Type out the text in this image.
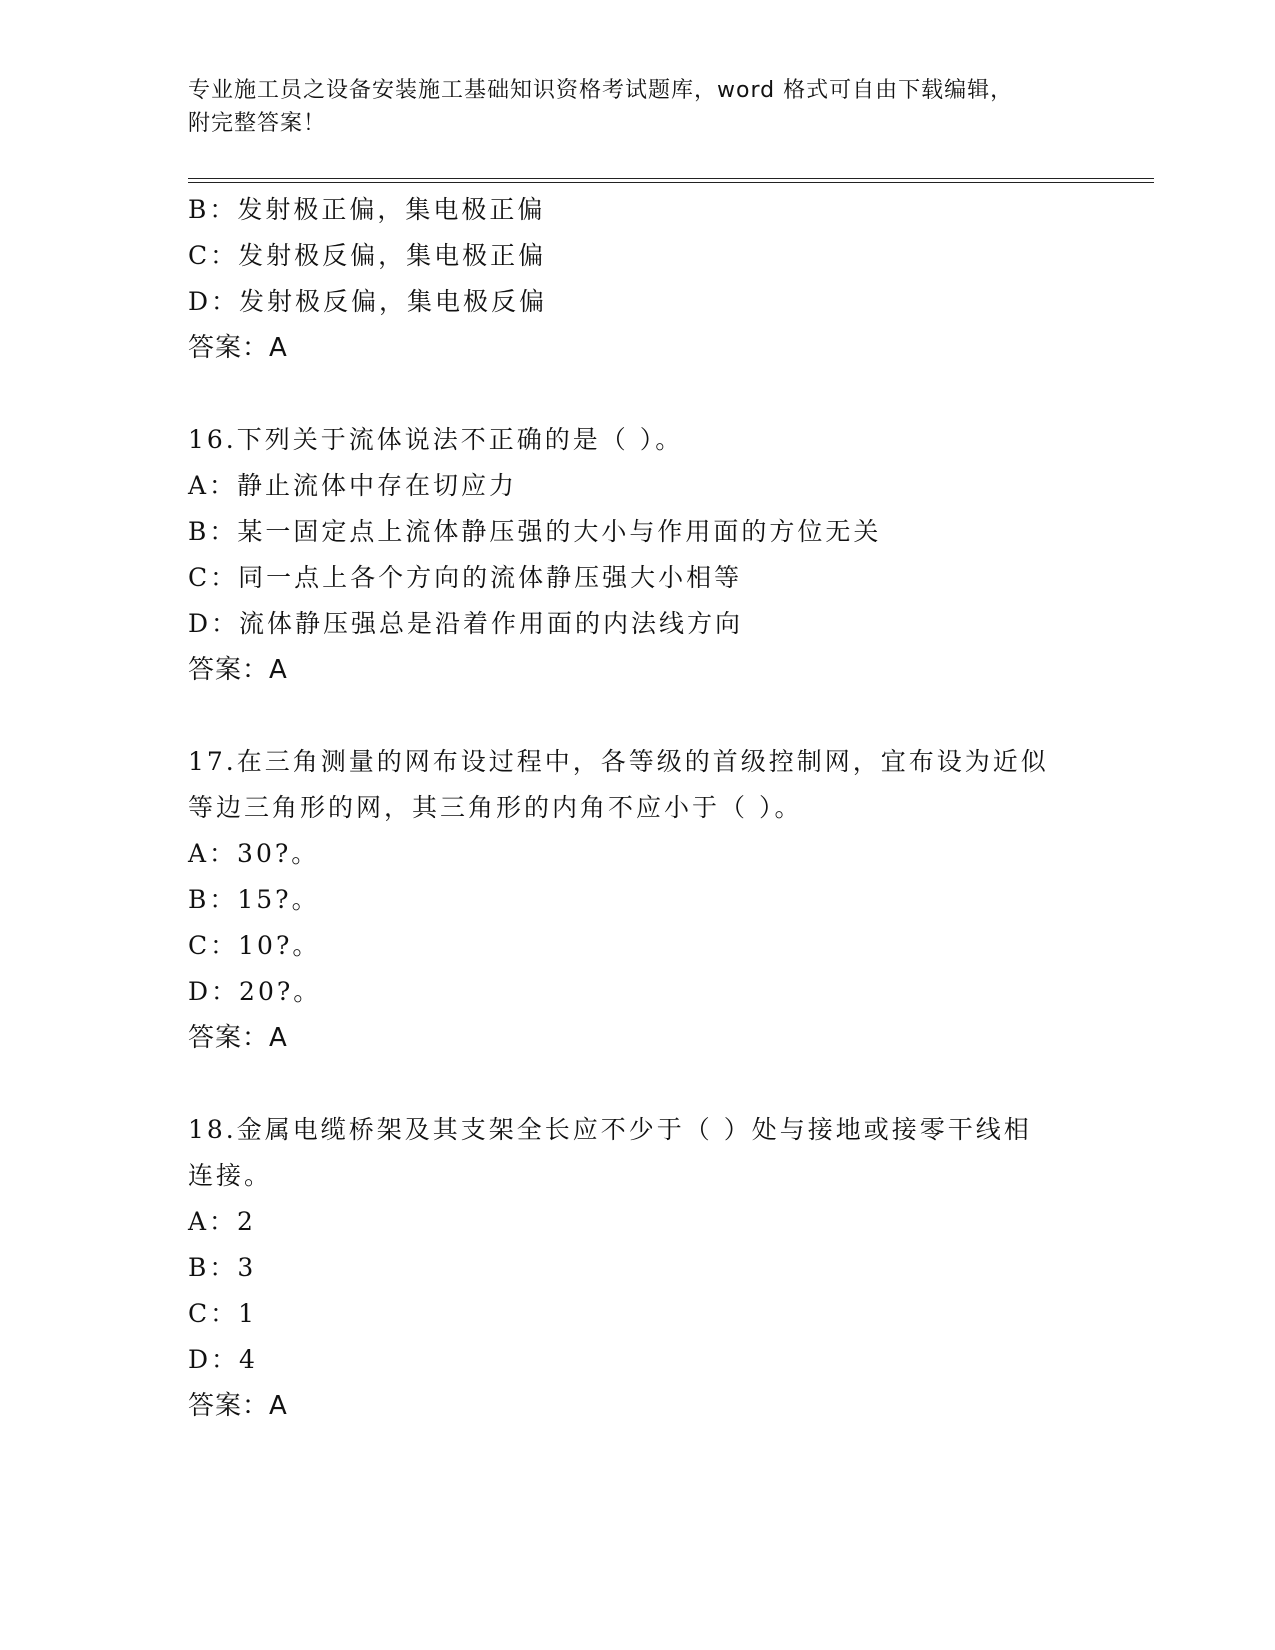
专业施工员之设备安装施工基础知识资格考试题库，word 格式可自由下载编辑，
附完整答案！
B：发射极正偏，集电极正偏
C：发射极反偏，集电极正偏
D：发射极反偏，集电极反偏
答案：A
16.下列关于流体说法不正确的是（ ）。
A：静止流体中存在切应力
B：某一固定点上流体静压强的大小与作用面的方位无关
C：同一点上各个方向的流体静压强大小相等
D：流体静压强总是沿着作用面的内法线方向
答案：A
17.在三角测量的网布设过程中，各等级的首级控制网，宜布设为近似
等边三角形的网，其三角形的内角不应小于（ ）。
A：30?。
B：15?。
C：10?。
D：20?。
答案：A
18.金属电缆桥架及其支架全长应不少于（ ）处与接地或接零干线相
连接。
A：2
B：3
C：1
D：4
答案：A
